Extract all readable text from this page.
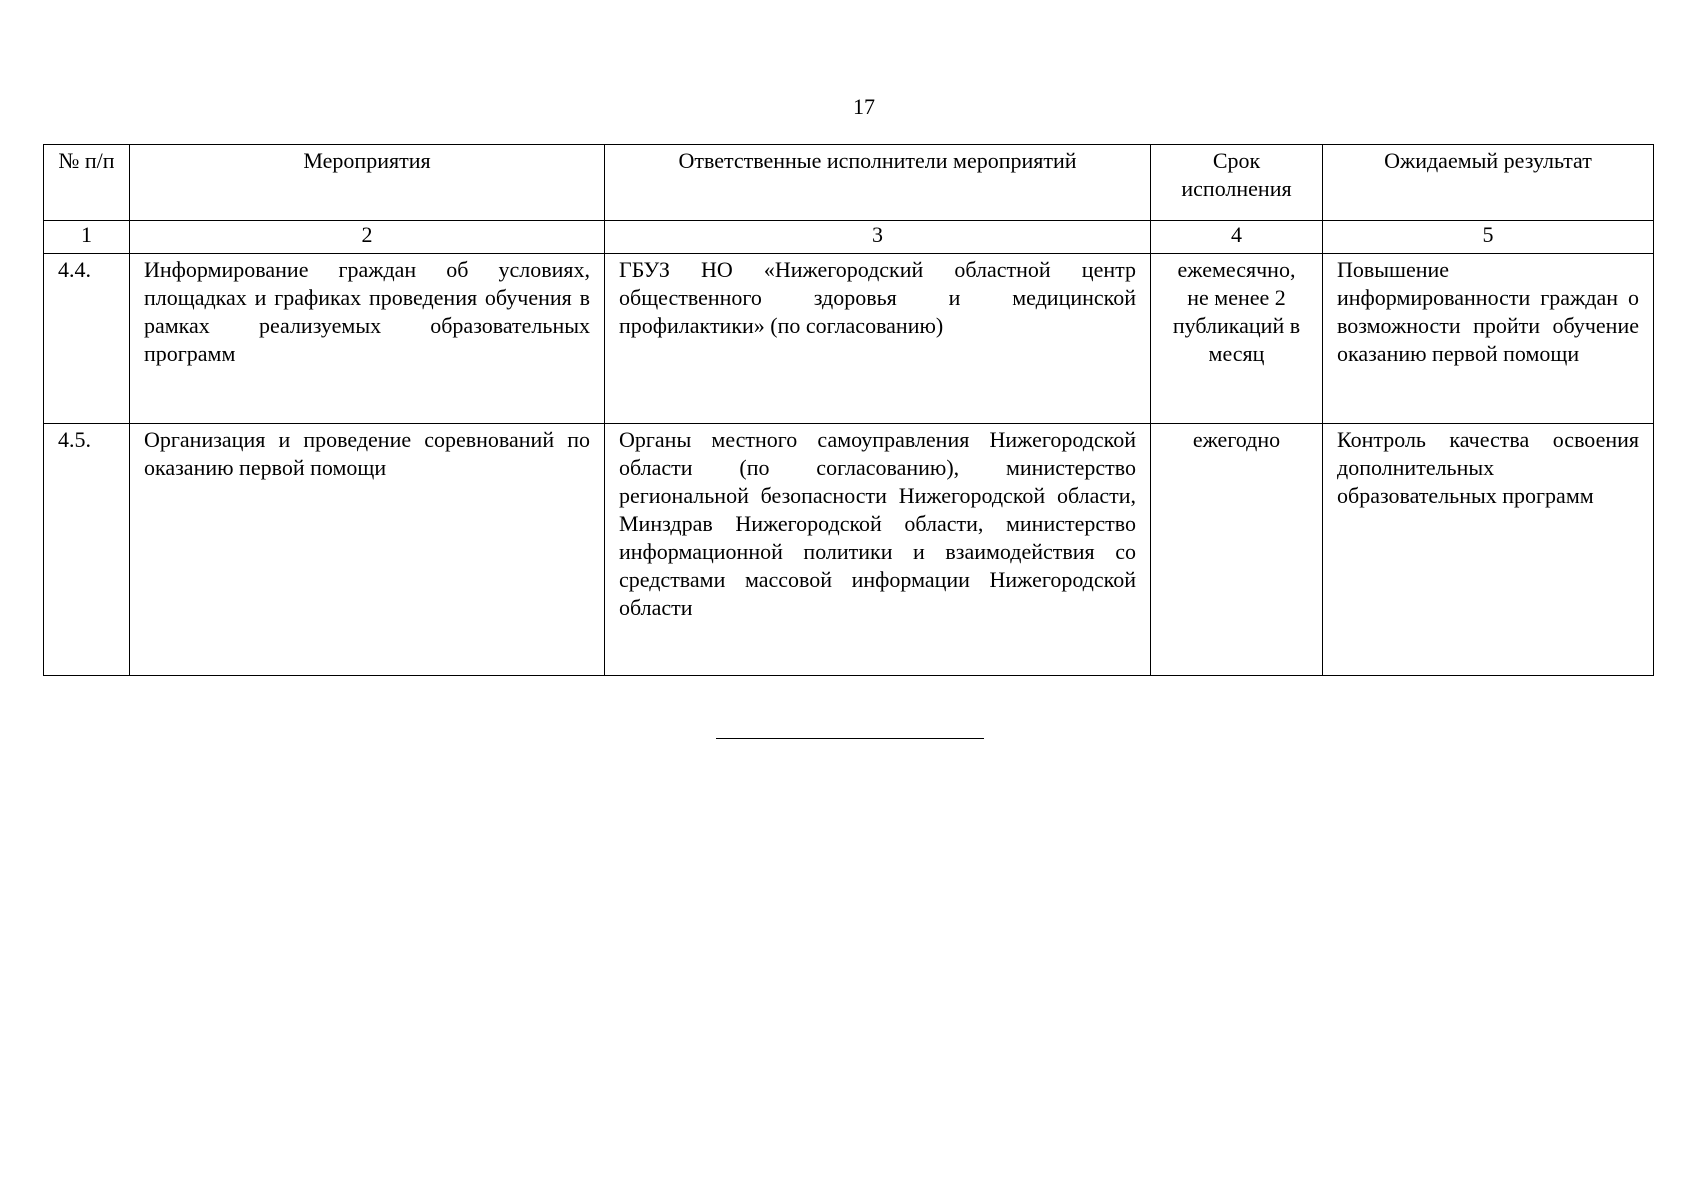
17
№ п/п	Мероприятия	Ответственные исполнители мероприятий	Срок исполнения	Ожидаемый результат
1	2	3	4	5
4.4.	Информирование граждан об условиях, площадках и графиках проведения обучения в рамках реализуемых образовательных программ	ГБУЗ НО «Нижегородский областной центр общественного здоровья и медицинской профилактики» (по согласованию)	ежемесячно, не менее 2 публикаций в месяц	Повышение информированности граждан о возможности пройти обучение оказанию первой помощи
4.5.	Организация и проведение соревнований по оказанию первой помощи	Органы местного самоуправления Нижегородской области (по согласованию), министерство региональной безопасности Нижегородской области, Минздрав Нижегородской области, министерство информационной политики и взаимодействия со средствами массовой информации Нижегородской области	ежегодно	Контроль качества освоения дополнительных образовательных программ
